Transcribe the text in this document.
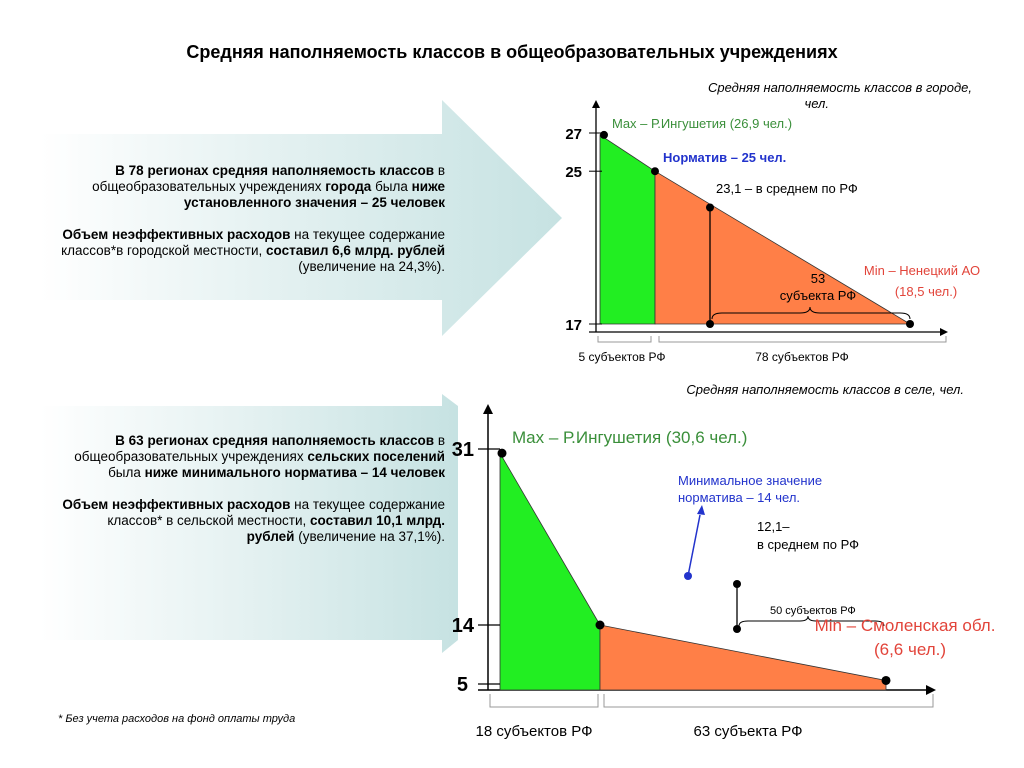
Средняя наполняемость классов в общеобразовательных учреждениях
27
25
17
53
субъекта РФ
Max – Р.Ингушетия (26,9 чел.)
Норматив – 25 чел.
23,1 – в среднем по РФ
Min – Ненецкий АО
(18,5 чел.)
5 субъектов РФ	78 субъектов РФ
31
14
5
50 субъектов РФ
Max – Р.Ингушетия (30,6 чел.)
Минимальное значение
норматива – 14 чел.
12,1–
в среднем по РФ
Min – Смоленская обл.
(6,6 чел.)
18 субъектов РФ	63 субъекта РФ
Средняя наполняемость классов в городе,
чел.
Средняя наполняемость классов в селе, чел.

В 78 регионах средняя наполняемость классов в общеобразовательных учреждениях города была ниже установленного значения – 25 человек

Объем неэффективных расходов на текущее содержание классов*в городской местности, составил 6,6 млрд. рублей (увеличение на 24,3%).

В 63 регионах средняя наполняемость классов в общеобразовательных учреждениях сельских поселений была ниже минимального норматива – 14 человек

Объем неэффективных расходов на текущее содержание классов* в сельской местности, составил 10,1 млрд. рублей (увеличение на 37,1%).

* Без учета расходов на фонд оплаты труда
